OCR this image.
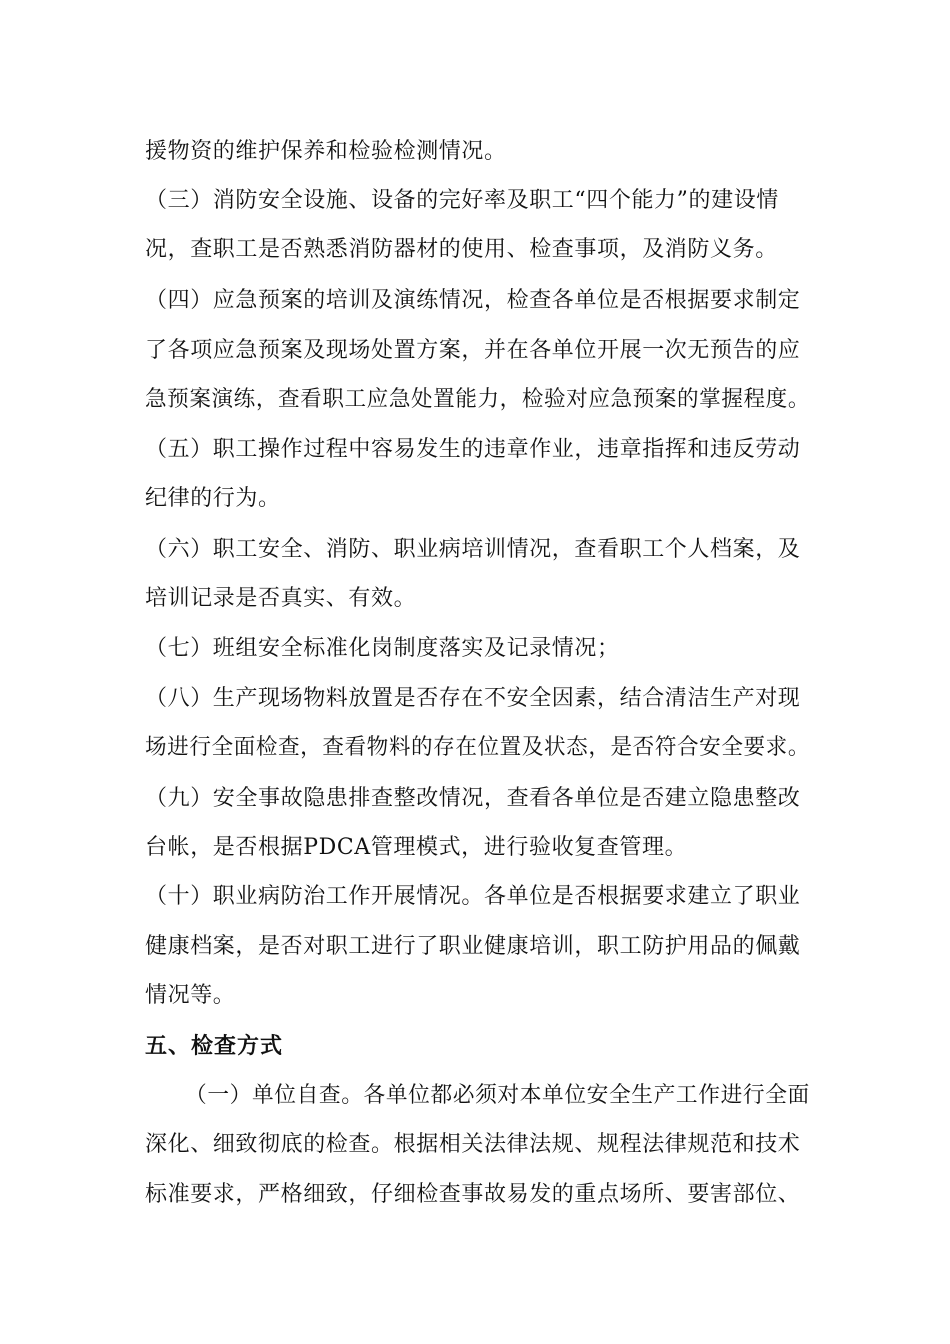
援物资的维护保养和检验检测情况。
（三）消防安全设施、设备的完好率及职工“四个能力”的建设情
况，查职工是否熟悉消防器材的使用、检查事项，及消防义务。
（四）应急预案的培训及演练情况，检查各单位是否根据要求制定
了各项应急预案及现场处置方案，并在各单位开展一次无预告的应
急预案演练，查看职工应急处置能力，检验对应急预案的掌握程度。
（五）职工操作过程中容易发生的违章作业，违章指挥和违反劳动
纪律的行为。
（六）职工安全、消防、职业病培训情况，查看职工个人档案，及
培训记录是否真实、有效。
（七）班组安全标准化岗制度落实及记录情况；
（八）生产现场物料放置是否存在不安全因素，结合清洁生产对现
场进行全面检查，查看物料的存在位置及状态，是否符合安全要求。
（九）安全事故隐患排查整改情况，查看各单位是否建立隐患整改
台帐，是否根据PDCA管理模式，进行验收复查管理。
（十）职业病防治工作开展情况。各单位是否根据要求建立了职业
健康档案，是否对职工进行了职业健康培训，职工防护用品的佩戴
情况等。
五、检查方式
（一）单位自查。各单位都必须对本单位安全生产工作进行全面
深化、细致彻底的检查。根据相关法律法规、规程法律规范和技术
标准要求，严格细致，仔细检查事故易发的重点场所、要害部位、
